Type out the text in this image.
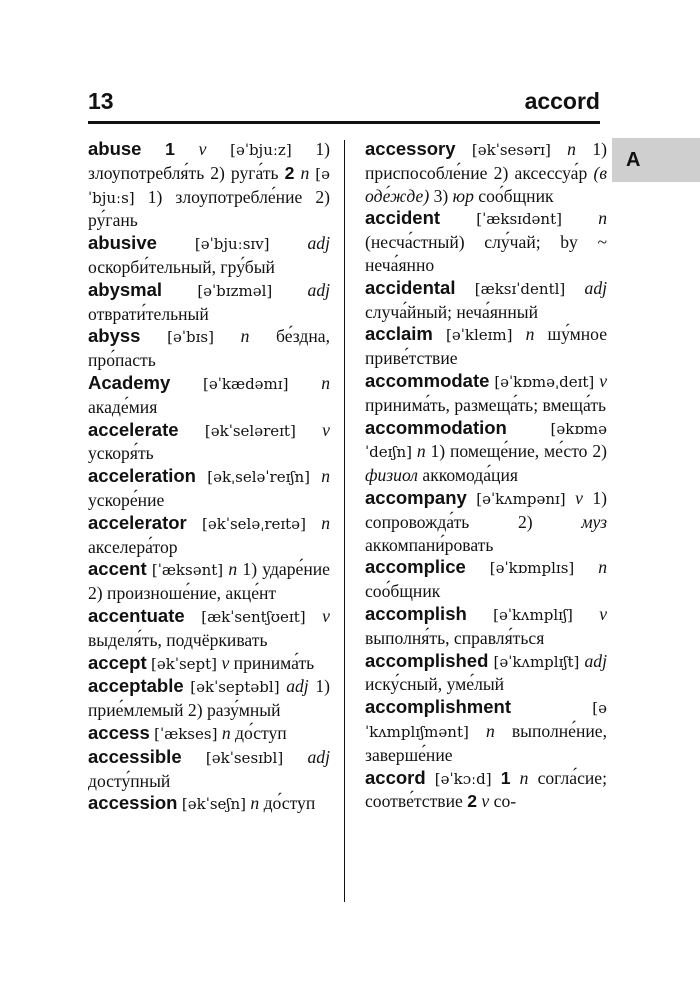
13	accord
A

abuse 1 v [əˈbjuːz] 1) злоупотребля́ть 2) руга́ть 2 n [əˈbjuːs] 1) злоупотребле́ние 2) ру́гань

abusive	[əˈbjuːsɪv] adj оскорби́тельный, гру́бый

abysmal [əˈbɪzməl] adj отврати́тельный

abyss [əˈbɪs] n бе́здна, про́пасть

Academy [əˈkædəmɪ] n акаде́мия

accelerate [əkˈseləreɪt] v ускоря́ть

acceleration [əkˌseləˈreɪʃn] n ускоре́ние

accelerator [əkˈseləˌreɪtə] n акселера́тор

accent [ˈæksənt] n 1) ударе́ние 2) произноше́ние, акце́нт

accentuate [ækˈsentʃʊeɪt] v выделя́ть, подчёркивать

accept [əkˈsept] v принима́ть

acceptable [əkˈseptəbl] adj 1) прие́млемый 2) разу́мный

access [ˈækses] n до́ступ

accessible [əkˈsesɪbl] adj досту́пный

accession [əkˈseʃn] n до́ступ

accessory [əkˈsesərɪ] n 1) приспособле́ние 2) аксессуа́р (в оде́жде) 3) юр соо́бщник

accident [ˈæksɪdənt] n (несча́стный) слу́чай; by ~ неча́янно

accidental [æksɪˈdentl] adj случа́йный; неча́янный

acclaim [əˈkleɪm] n шу́мное приве́тствие

accommodate [əˈkɒməˌdeɪt] v принима́ть, размеща́ть; вмеща́ть

accommodation	[əkɒməˈdeɪʃn] n 1) помеще́ние, ме́сто 2) физиол аккомода́ция

accompany [əˈkʌmpənɪ] v 1) сопровожда́ть 2)	муз аккомпани́ровать

accomplice [əˈkɒmplɪs] n соо́бщник

accomplish [əˈkʌmplɪʃ] v выполня́ть, справля́ться

accomplished [əˈkʌmplɪʃt] adj иску́сный, уме́лый

accomplishment	[əˈkʌmplɪʃmənt] n выполне́ние, заверше́ние

accord [əˈkɔːd] 1 n согла́сие; соотве́тствие 2 v со-
